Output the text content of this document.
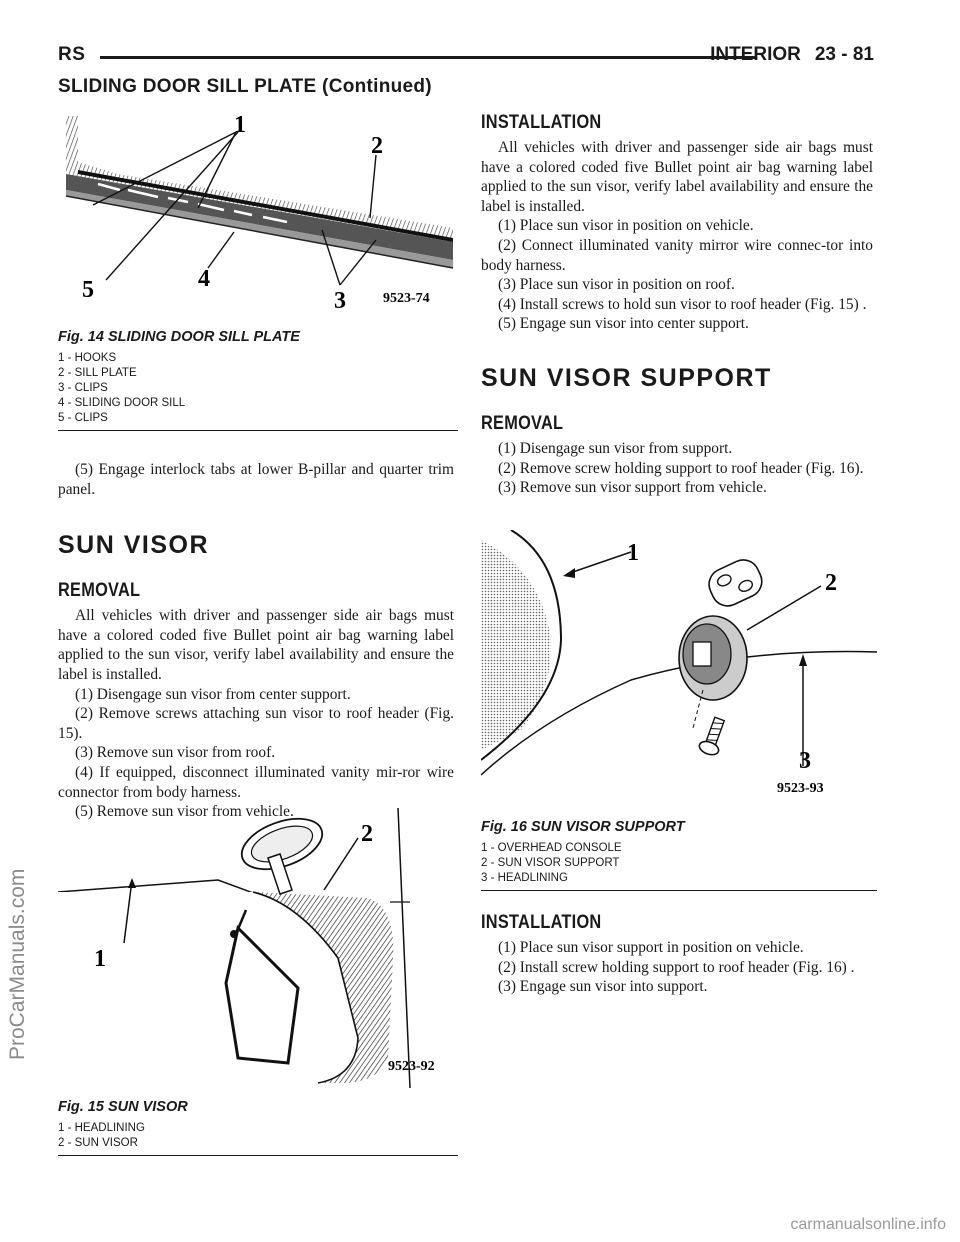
RS	INTERIOR 23 - 81
SLIDING DOOR SILL PLATE (Continued)
1
2
3
4
5	9523-74
Fig. 14 SLIDING DOOR SILL PLATE
1 - HOOKS
2 - SILL PLATE
3 - CLIPS
4 - SLIDING DOOR SILL
5 - CLIPS

(5) Engage interlock tabs at lower B-pillar and quarter trim panel.

SUN VISOR
REMOVAL

All vehicles with driver and passenger side air bags must have a colored coded five Bullet point air bag warning label applied to the sun visor, verify label availability and ensure the label is installed.

(1) Disengage sun visor from center support.

(2) Remove screws attaching sun visor to roof header (Fig. 15).

(3) Remove sun visor from roof.

(4) If equipped, disconnect illuminated vanity mir-ror wire connector from body harness.

(5) Remove sun visor from vehicle.

2
1
9523-92
Fig. 15 SUN VISOR
1 - HEADLINING
2 - SUN VISOR
INSTALLATION

All vehicles with driver and passenger side air bags must have a colored coded five Bullet point air bag warning label applied to the sun visor, verify label availability and ensure the label is installed.

(1) Place sun visor in position on vehicle.

(2) Connect illuminated vanity mirror wire connec-tor into body harness.

(3) Place sun visor in position on roof.

(4) Install screws to hold sun visor to roof header (Fig. 15) .

(5) Engage sun visor into center support.

SUN VISOR SUPPORT
REMOVAL

(1) Disengage sun visor from support.

(2) Remove screw holding support to roof header (Fig. 16).

(3) Remove sun visor support from vehicle.

1
2
3
9523-93
Fig. 16 SUN VISOR SUPPORT
1 - OVERHEAD CONSOLE
2 - SUN VISOR SUPPORT
3 - HEADLINING
INSTALLATION

(1) Place sun visor support in position on vehicle.

(2) Install screw holding support to roof header (Fig. 16) .

(3) Engage sun visor into support.

ProCarManuals.com
carmanualsonline.info
